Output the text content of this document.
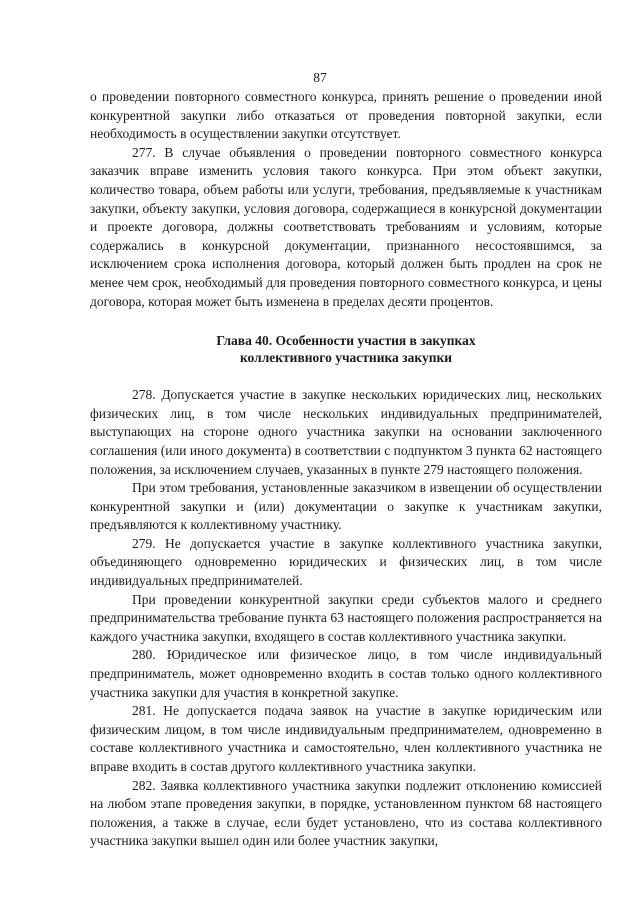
87

о проведении повторного совместного конкурса, принять решение о проведении иной конкурентной закупки либо отказаться от проведения повторной закупки, если необходимость в осуществлении закупки отсутствует.

277. В случае объявления о проведении повторного совместного конкурса заказчик вправе изменить условия такого конкурса. При этом объект закупки, количество товара, объем работы или услуги, требования, предъявляемые к участникам закупки, объекту закупки, условия договора, содержащиеся в конкурсной документации и проекте договора, должны соответствовать требованиям и условиям, которые содержались в конкурсной документации, признанного несостоявшимся, за исключением срока исполнения договора, который должен быть продлен на срок не менее чем срок, необходимый для проведения повторного совместного конкурса, и цены договора, которая может быть изменена в пределах десяти процентов.

Глава 40. Особенности участия в закупках
коллективного участника закупки

278. Допускается участие в закупке нескольких юридических лиц, нескольких физических лиц, в том числе нескольких индивидуальных предпринимателей, выступающих на стороне одного участника закупки на основании заключенного соглашения (или иного документа) в соответствии с подпунктом 3 пункта 62 настоящего положения, за исключением случаев, указанных в пункте 279 настоящего положения.

При этом требования, установленные заказчиком в извещении об осуществлении конкурентной закупки и (или) документации о закупке к участникам закупки, предъявляются к коллективному участнику.

279. Не допускается участие в закупке коллективного участника закупки, объединяющего одновременно юридических и физических лиц, в том числе индивидуальных предпринимателей.

При проведении конкурентной закупки среди субъектов малого и среднего предпринимательства требование пункта 63 настоящего положения распространяется на каждого участника закупки, входящего в состав коллективного участника закупки.

280. Юридическое или физическое лицо, в том числе индивидуальный предприниматель, может одновременно входить в состав только одного коллективного участника закупки для участия в конкретной закупке.

281. Не допускается подача заявок на участие в закупке юридическим или физическим лицом, в том числе индивидуальным предпринимателем, одновременно в составе коллективного участника и самостоятельно, член коллективного участника не вправе входить в состав другого коллективного участника закупки.

282. Заявка коллективного участника закупки подлежит отклонению комиссией на любом этапе проведения закупки, в порядке, установленном пунктом 68 настоящего положения, а также в случае, если будет установлено, что из состава коллективного участника закупки вышел один или более участник закупки,
